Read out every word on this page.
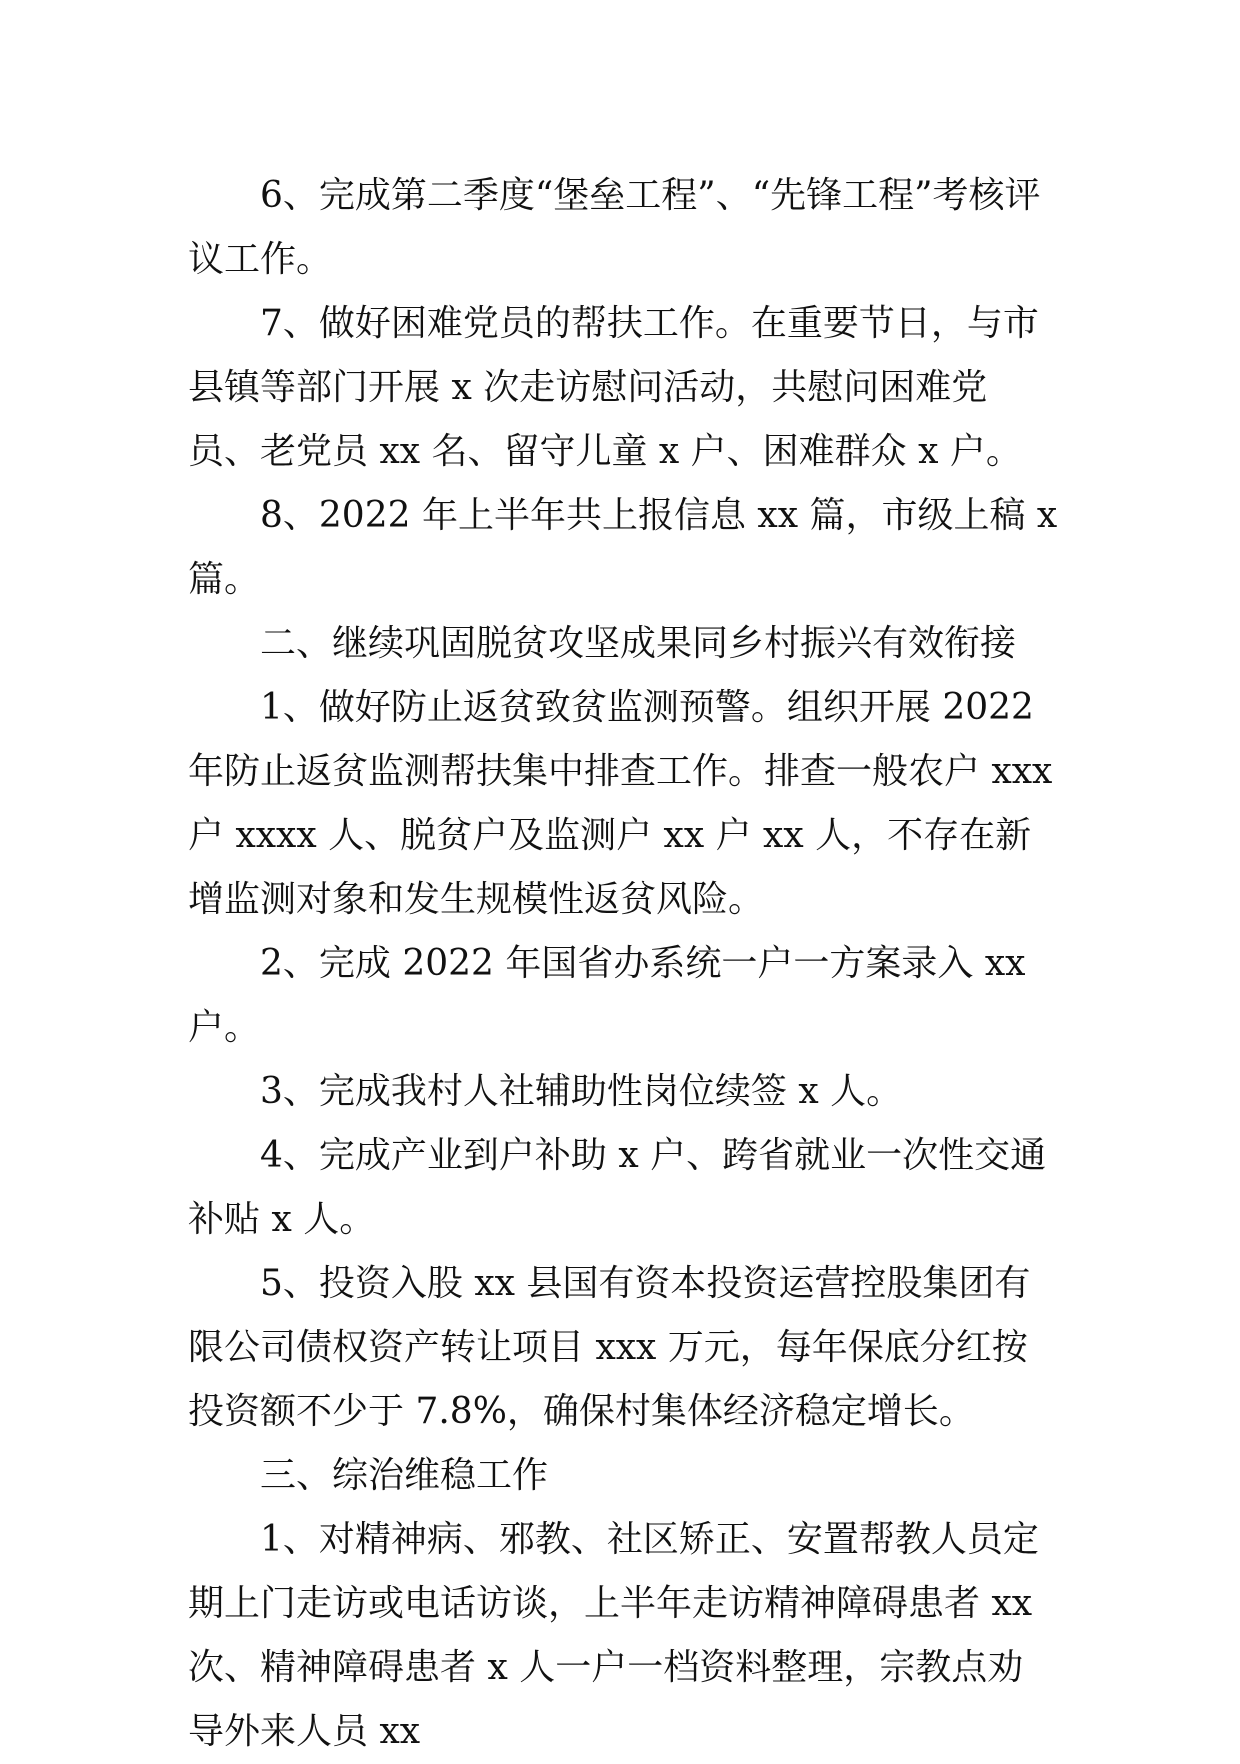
6、完成第二季度“堡垒工程”、“先锋工程”考核评议工作。

7、做好困难党员的帮扶工作。在重要节日，与市县镇等部门开展 x 次走访慰问活动，共慰问困难党员、老党员 xx 名、留守儿童 x 户、困难群众 x 户。

8、2022 年上半年共上报信息 xx 篇，市级上稿 x 篇。

二、继续巩固脱贫攻坚成果同乡村振兴有效衔接

1、做好防止返贫致贫监测预警。组织开展 2022 年防止返贫监测帮扶集中排查工作。排查一般农户 xxx 户 xxxx 人、脱贫户及监测户 xx 户 xx 人，不存在新增监测对象和发生规模性返贫风险。

2、完成 2022 年国省办系统一户一方案录入 xx 户。

3、完成我村人社辅助性岗位续签 x 人。

4、完成产业到户补助 x 户、跨省就业一次性交通补贴 x 人。

5、投资入股 xx 县国有资本投资运营控股集团有限公司债权资产转让项目 xxx 万元，每年保底分红按投资额不少于 7.8%，确保村集体经济稳定增长。

三、综治维稳工作

1、对精神病、邪教、社区矫正、安置帮教人员定期上门走访或电话访谈，上半年走访精神障碍患者 xx 次、精神障碍患者 x 人一户一档资料整理，宗教点劝导外来人员 xx
